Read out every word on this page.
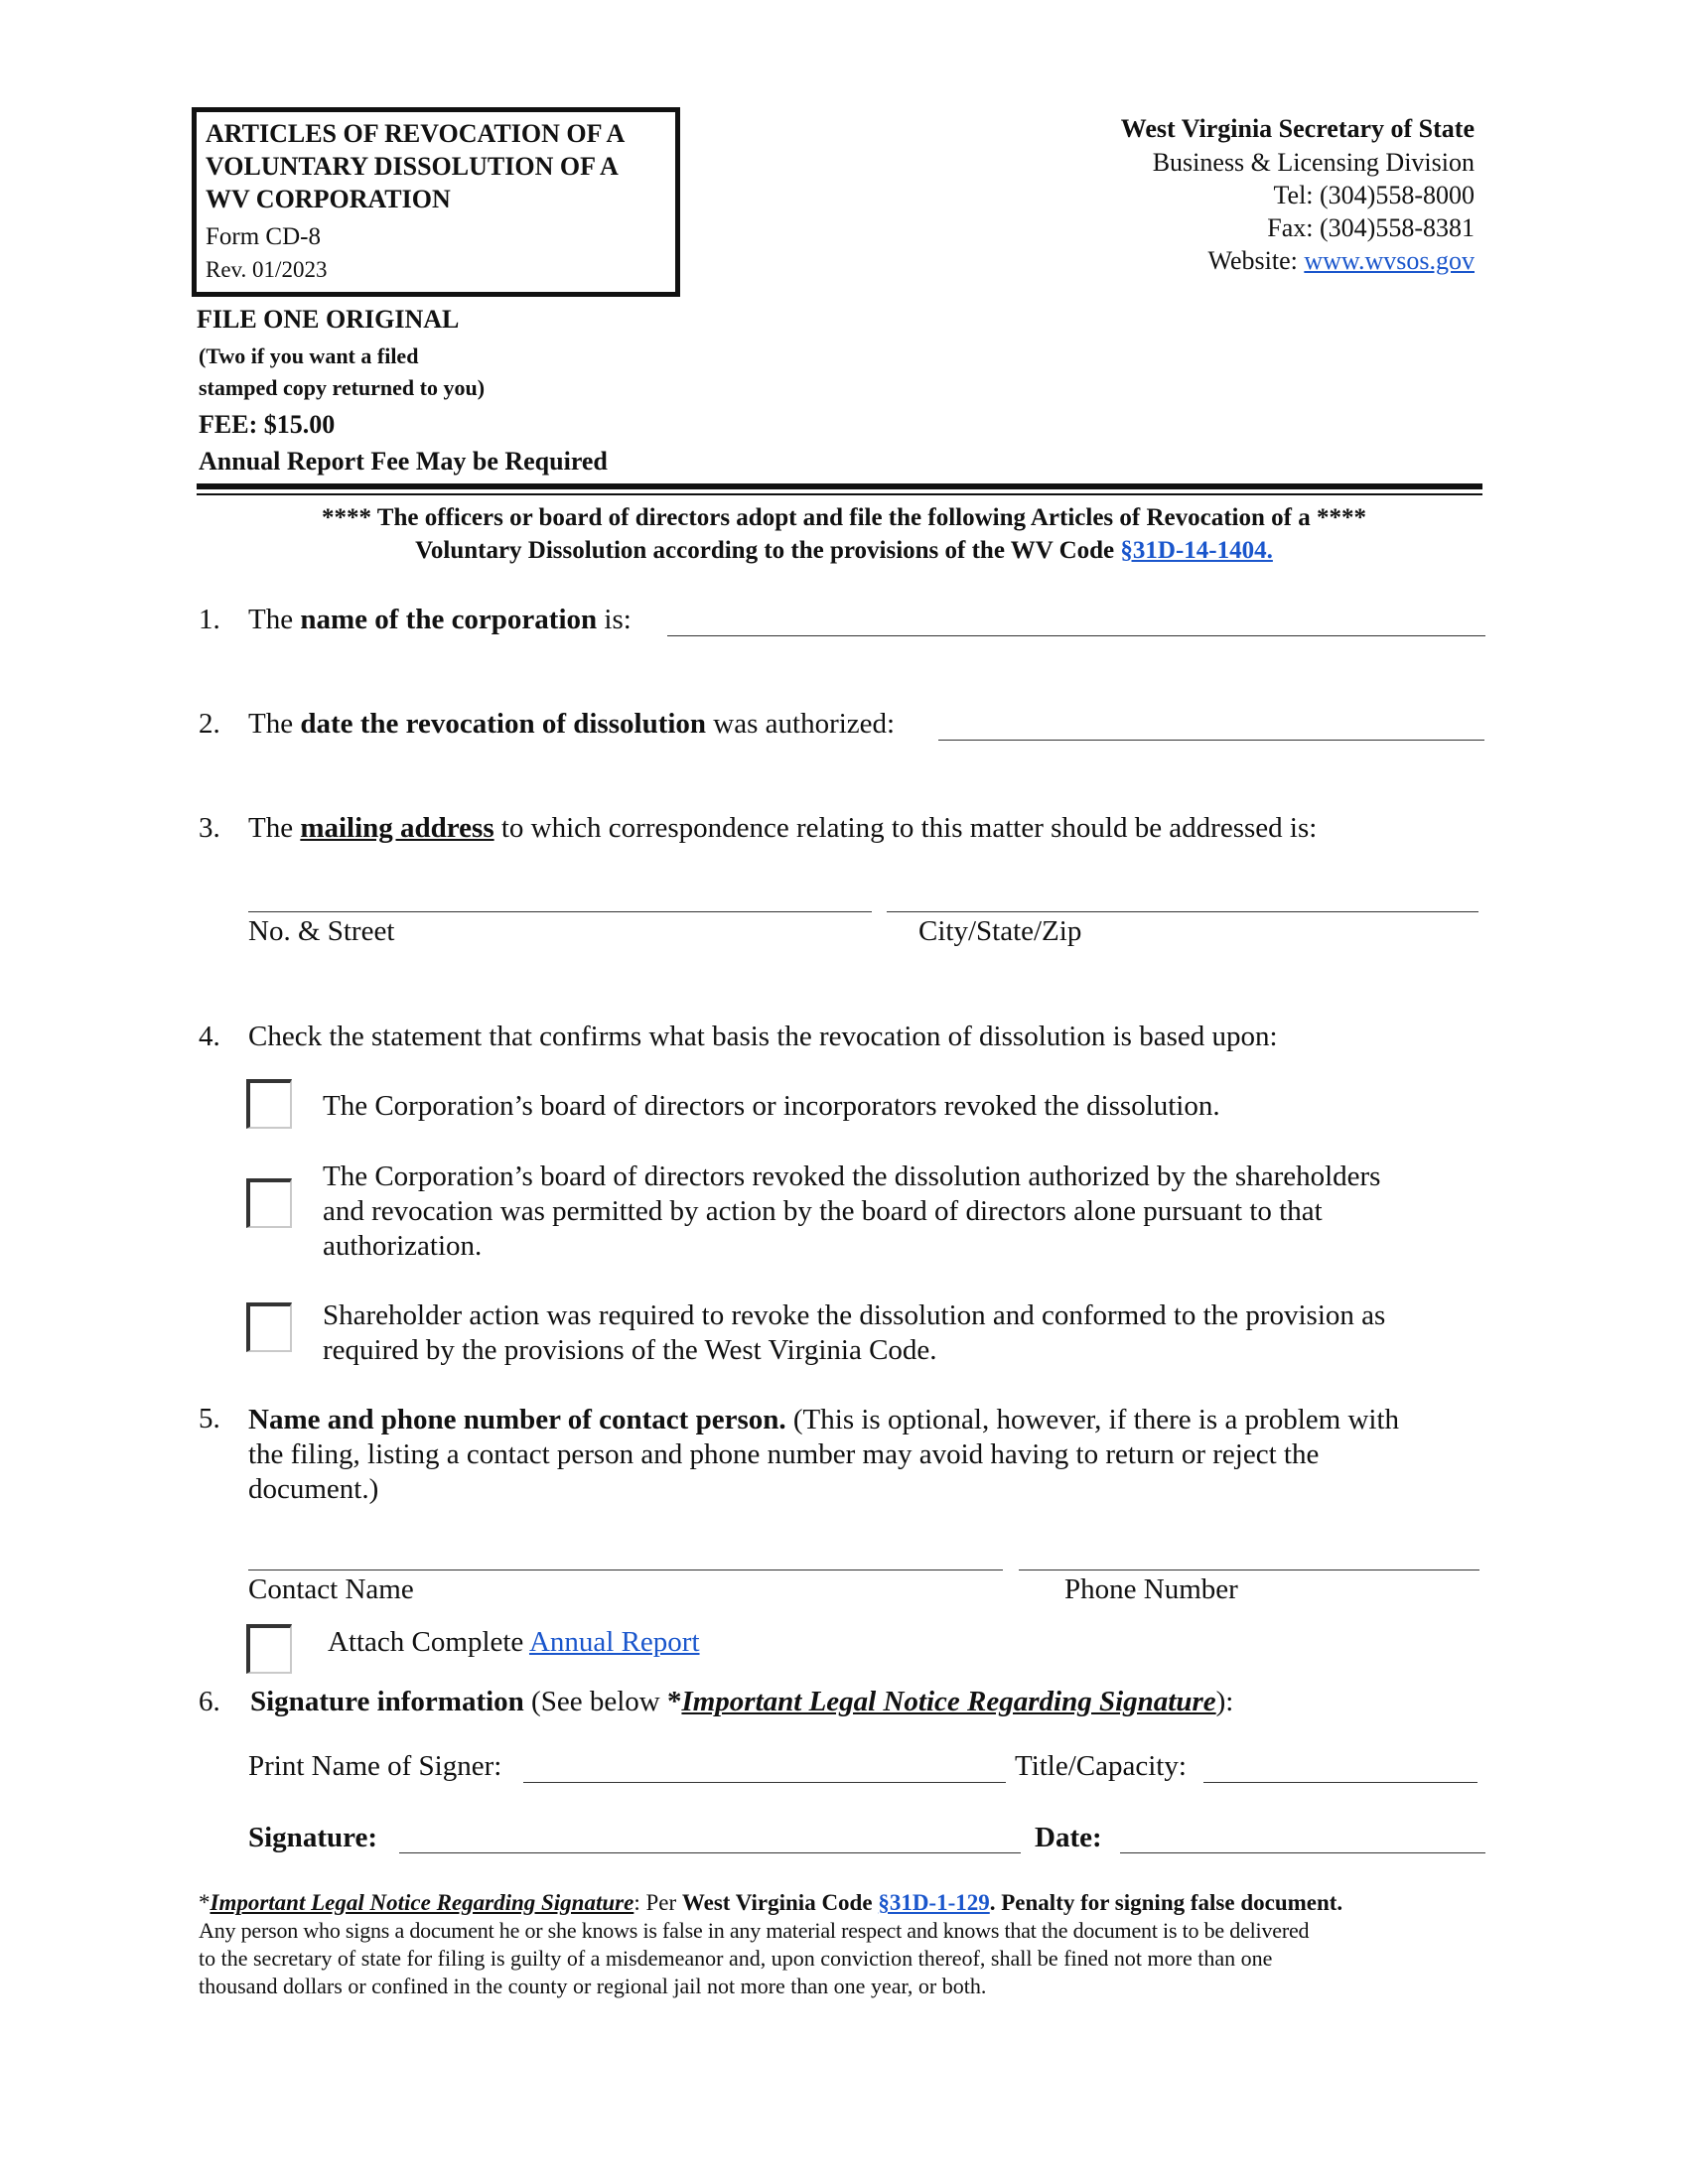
ARTICLES OF REVOCATION OF A
VOLUNTARY DISSOLUTION OF A
WV CORPORATION
Form CD-8
Rev. 01/2023
FILE ONE ORIGINAL
(Two if you want a filed
stamped copy returned to you)
FEE: $15.00
Annual Report Fee May be Required
West Virginia Secretary of State
Business & Licensing Division
Tel: (304)558-8000
Fax: (304)558-8381
Website: www.wvsos.gov
**** The officers or board of directors adopt and file the following Articles of Revocation of a ****
Voluntary Dissolution according to the provisions of the WV Code §31D-14-1404.
1. The name of the corporation is:
2. The date the revocation of dissolution was authorized:
3. The mailing address to which correspondence relating to this matter should be addressed is:
No. & Street	City/State/Zip
4. Check the statement that confirms what basis the revocation of dissolution is based upon:
The Corporation’s board of directors or incorporators revoked the dissolution.
The Corporation’s board of directors revoked the dissolution authorized by the shareholders
and revocation was permitted by action by the board of directors alone pursuant to that
authorization.
Shareholder action was required to revoke the dissolution and conformed to the provision as
required by the provisions of the West Virginia Code.
5. Name and phone number of contact person. (This is optional, however, if there is a problem with
the filing, listing a contact person and phone number may avoid having to return or reject the
document.)
Contact Name	Phone Number
Attach Complete Annual Report
6. Signature information (See below *Important Legal Notice Regarding Signature):
Print Name of Signer:	Title/Capacity:
Signature:	Date:
*Important Legal Notice Regarding Signature: Per West Virginia Code §31D-1-129. Penalty for signing false document.
Any person who signs a document he or she knows is false in any material respect and knows that the document is to be delivered
to the secretary of state for filing is guilty of a misdemeanor and, upon conviction thereof, shall be fined not more than one
thousand dollars or confined in the county or regional jail not more than one year, or both.
